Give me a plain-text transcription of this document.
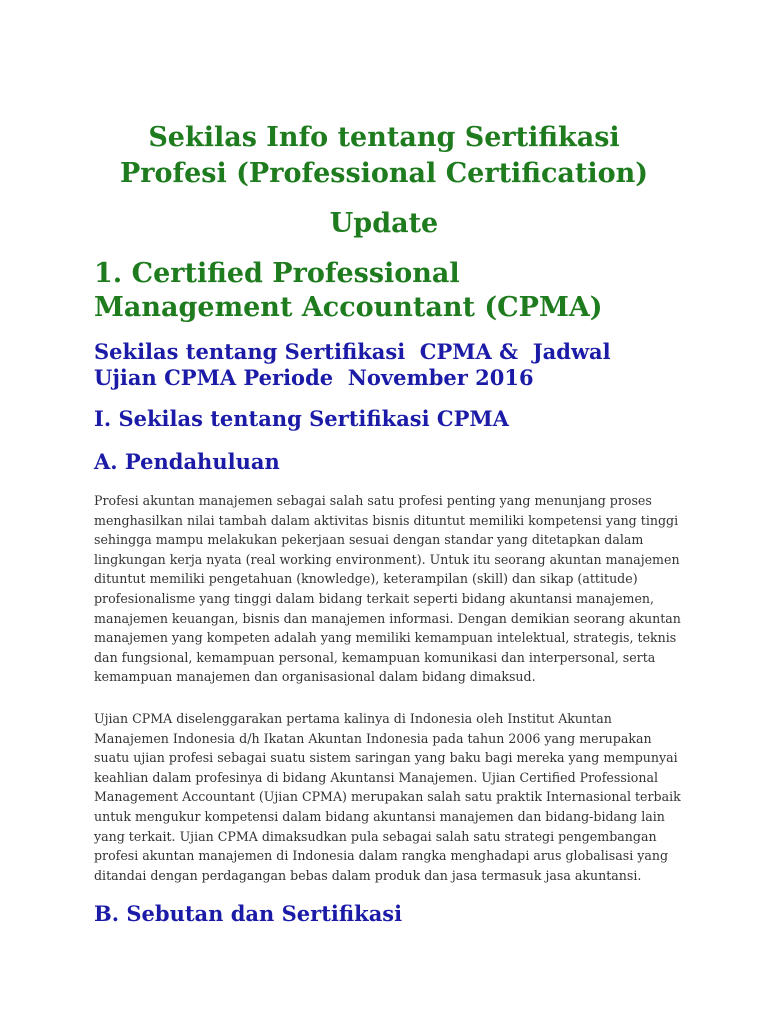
Sekilas Info tentang Sertifikasi
Profesi (Professional Certification)
Update
1. Certified Professional
Management Accountant (CPMA)
Sekilas tentang Sertifikasi  CPMA &  Jadwal
Ujian CPMA Periode  November 2016
I. Sekilas tentang Sertifikasi CPMA
A. Pendahuluan

Profesi akuntan manajemen sebagai salah satu profesi penting yang menunjang proses
menghasilkan nilai tambah dalam aktivitas bisnis dituntut memiliki kompetensi yang tinggi
sehingga mampu melakukan pekerjaan sesuai dengan standar yang ditetapkan dalam
lingkungan kerja nyata (real working environment). Untuk itu seorang akuntan manajemen
dituntut memiliki pengetahuan (knowledge), keterampilan (skill) dan sikap (attitude)
profesionalisme yang tinggi dalam bidang terkait seperti bidang akuntansi manajemen,
manajemen keuangan, bisnis dan manajemen informasi. Dengan demikian seorang akuntan
manajemen yang kompeten adalah yang memiliki kemampuan intelektual, strategis, teknis
dan fungsional, kemampuan personal, kemampuan komunikasi dan interpersonal, serta
kemampuan manajemen dan organisasional dalam bidang dimaksud.

Ujian CPMA diselenggarakan pertama kalinya di Indonesia oleh Institut Akuntan
Manajemen Indonesia d/h Ikatan Akuntan Indonesia pada tahun 2006 yang merupakan
suatu ujian profesi sebagai suatu sistem saringan yang baku bagi mereka yang mempunyai
keahlian dalam profesinya di bidang Akuntansi Manajemen. Ujian Certified Professional
Management Accountant (Ujian CPMA) merupakan salah satu praktik Internasional terbaik
untuk mengukur kompetensi dalam bidang akuntansi manajemen dan bidang-bidang lain
yang terkait. Ujian CPMA dimaksudkan pula sebagai salah satu strategi pengembangan
profesi akuntan manajemen di Indonesia dalam rangka menghadapi arus globalisasi yang
ditandai dengan perdagangan bebas dalam produk dan jasa termasuk jasa akuntansi.

B. Sebutan dan Sertifikasi
